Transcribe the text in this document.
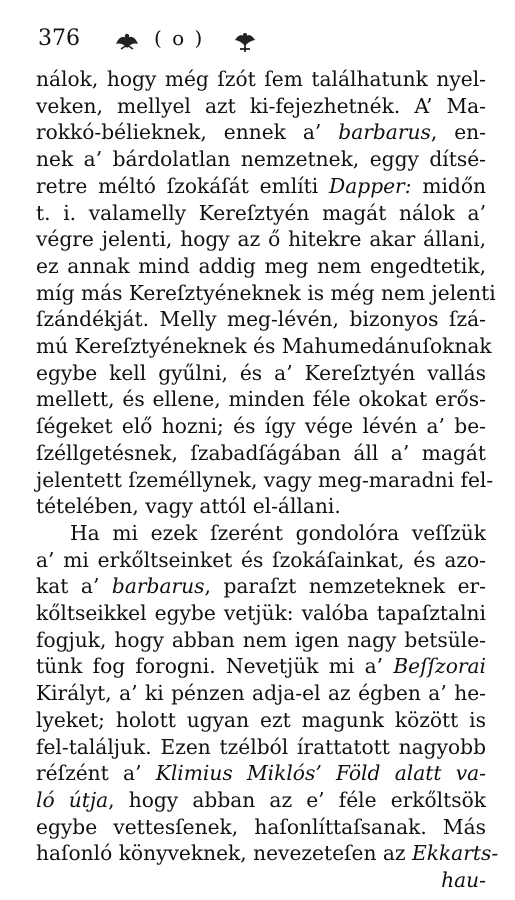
376	( o )
nálok, hogy még ſzót ſem találhatunk nyel-
veken, mellyel azt ki-fejezhetnék. A’ Ma-
rokkó-bélieknek, ennek a’ barbarus, en-
nek a’ bárdolatlan nemzetnek, eggy dítsé-
retre méltó ſzokáſát említi Dapper: midőn
t. i. valamelly Kereſztyén magát nálok a’
végre jelenti, hogy az ő hitekre akar állani,
ez annak mind addig meg nem engedtetik,
míg más Kereſztyéneknek is még nem jelenti
ſzándékját. Melly meg-lévén, bizonyos ſzá-
mú Kereſztyéneknek és Mahumedánuſoknak
egybe kell gyűlni, és a’ Kereſztyén vallás
mellett, és ellene, minden féle okokat erős-
ſégeket elő hozni; és így vége lévén a’ be-
ſzéllgetésnek, ſzabadſágában áll a’ magát
jelentett ſzeméllynek, vagy meg-maradni fel-
tételében, vagy attól el-állani.
Ha mi ezek ſzerént gondolóra veſſzük
a’ mi erkőltseinket és ſzokáſainkat, és azo-
kat a’ barbarus, paraſzt nemzeteknek er-
kőltseikkel egybe vetjük: valóba tapaſztalni
fogjuk, hogy abban nem igen nagy betsüle-
tünk fog forogni. Nevetjük mi a’ Beſſzorai
Királyt, a’ ki pénzen adja-el az égben a’ he-
lyeket; holott ugyan ezt magunk között is
fel-találjuk. Ezen tzélból írattatott nagyobb
réſzént a’ Klimius Miklós’ Föld alatt va-
ló útja, hogy abban az e’ féle erkőltsök
egybe vettesſenek, haſonlíttaſsanak. Más
haſonló könyveknek, nevezeteſen az Ekkarts-
hau-
